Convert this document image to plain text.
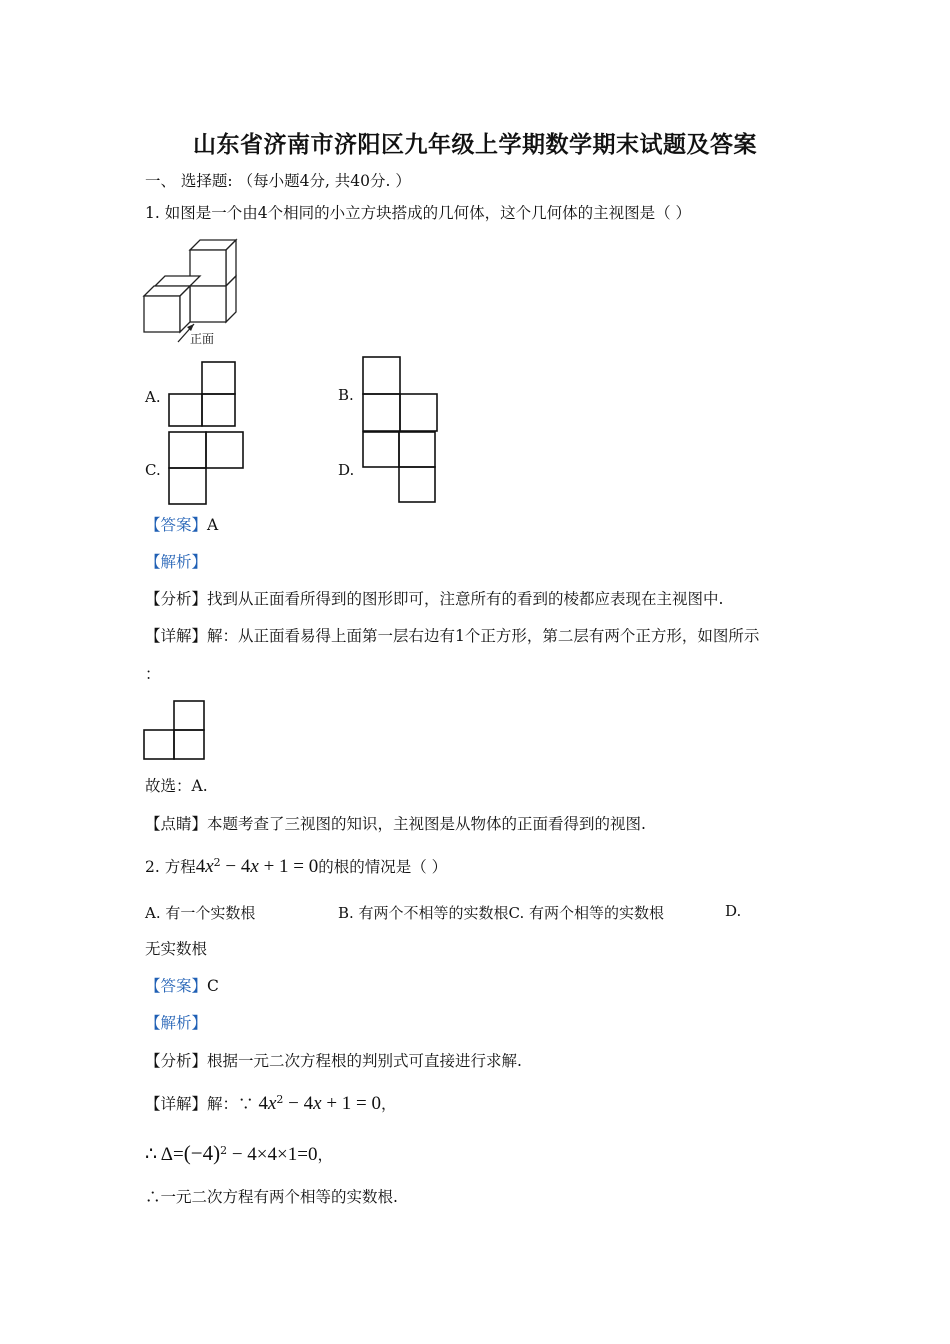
山东省济南市济阳区九年级上学期数学期末试题及答案
一、 选择题: （每小题4分, 共40分. ）
1. 如图是一个由4个相同的小立方块搭成的几何体，这个几何体的主视图是（ ）
正面
A.	B.
C.	D.
【答案】A
【解析】
【分析】找到从正面看所得到的图形即可，注意所有的看到的棱都应表现在主视图中.
【详解】解：从正面看易得上面第一层右边有1个正方形，第二层有两个正方形，如图所示
：
故选：A.
【点睛】本题考查了三视图的知识，主视图是从物体的正面看得到的视图.
2. 方程$4x^2 - 4x + 1 = 0$的根的情况是（ ）
A. 有一个实数根	B. 有两个不相等的实数根C. 有两个相等的实数根	D.
无实数根
【答案】C
【解析】
【分析】根据一元二次方程根的判别式可直接进行求解.
【详解】解：∵ $4x^2 - 4x + 1 = 0$，
∴ $\Delta=(-4)^2 - 4\times 4\times 1=0$，
∴一元二次方程有两个相等的实数根.
